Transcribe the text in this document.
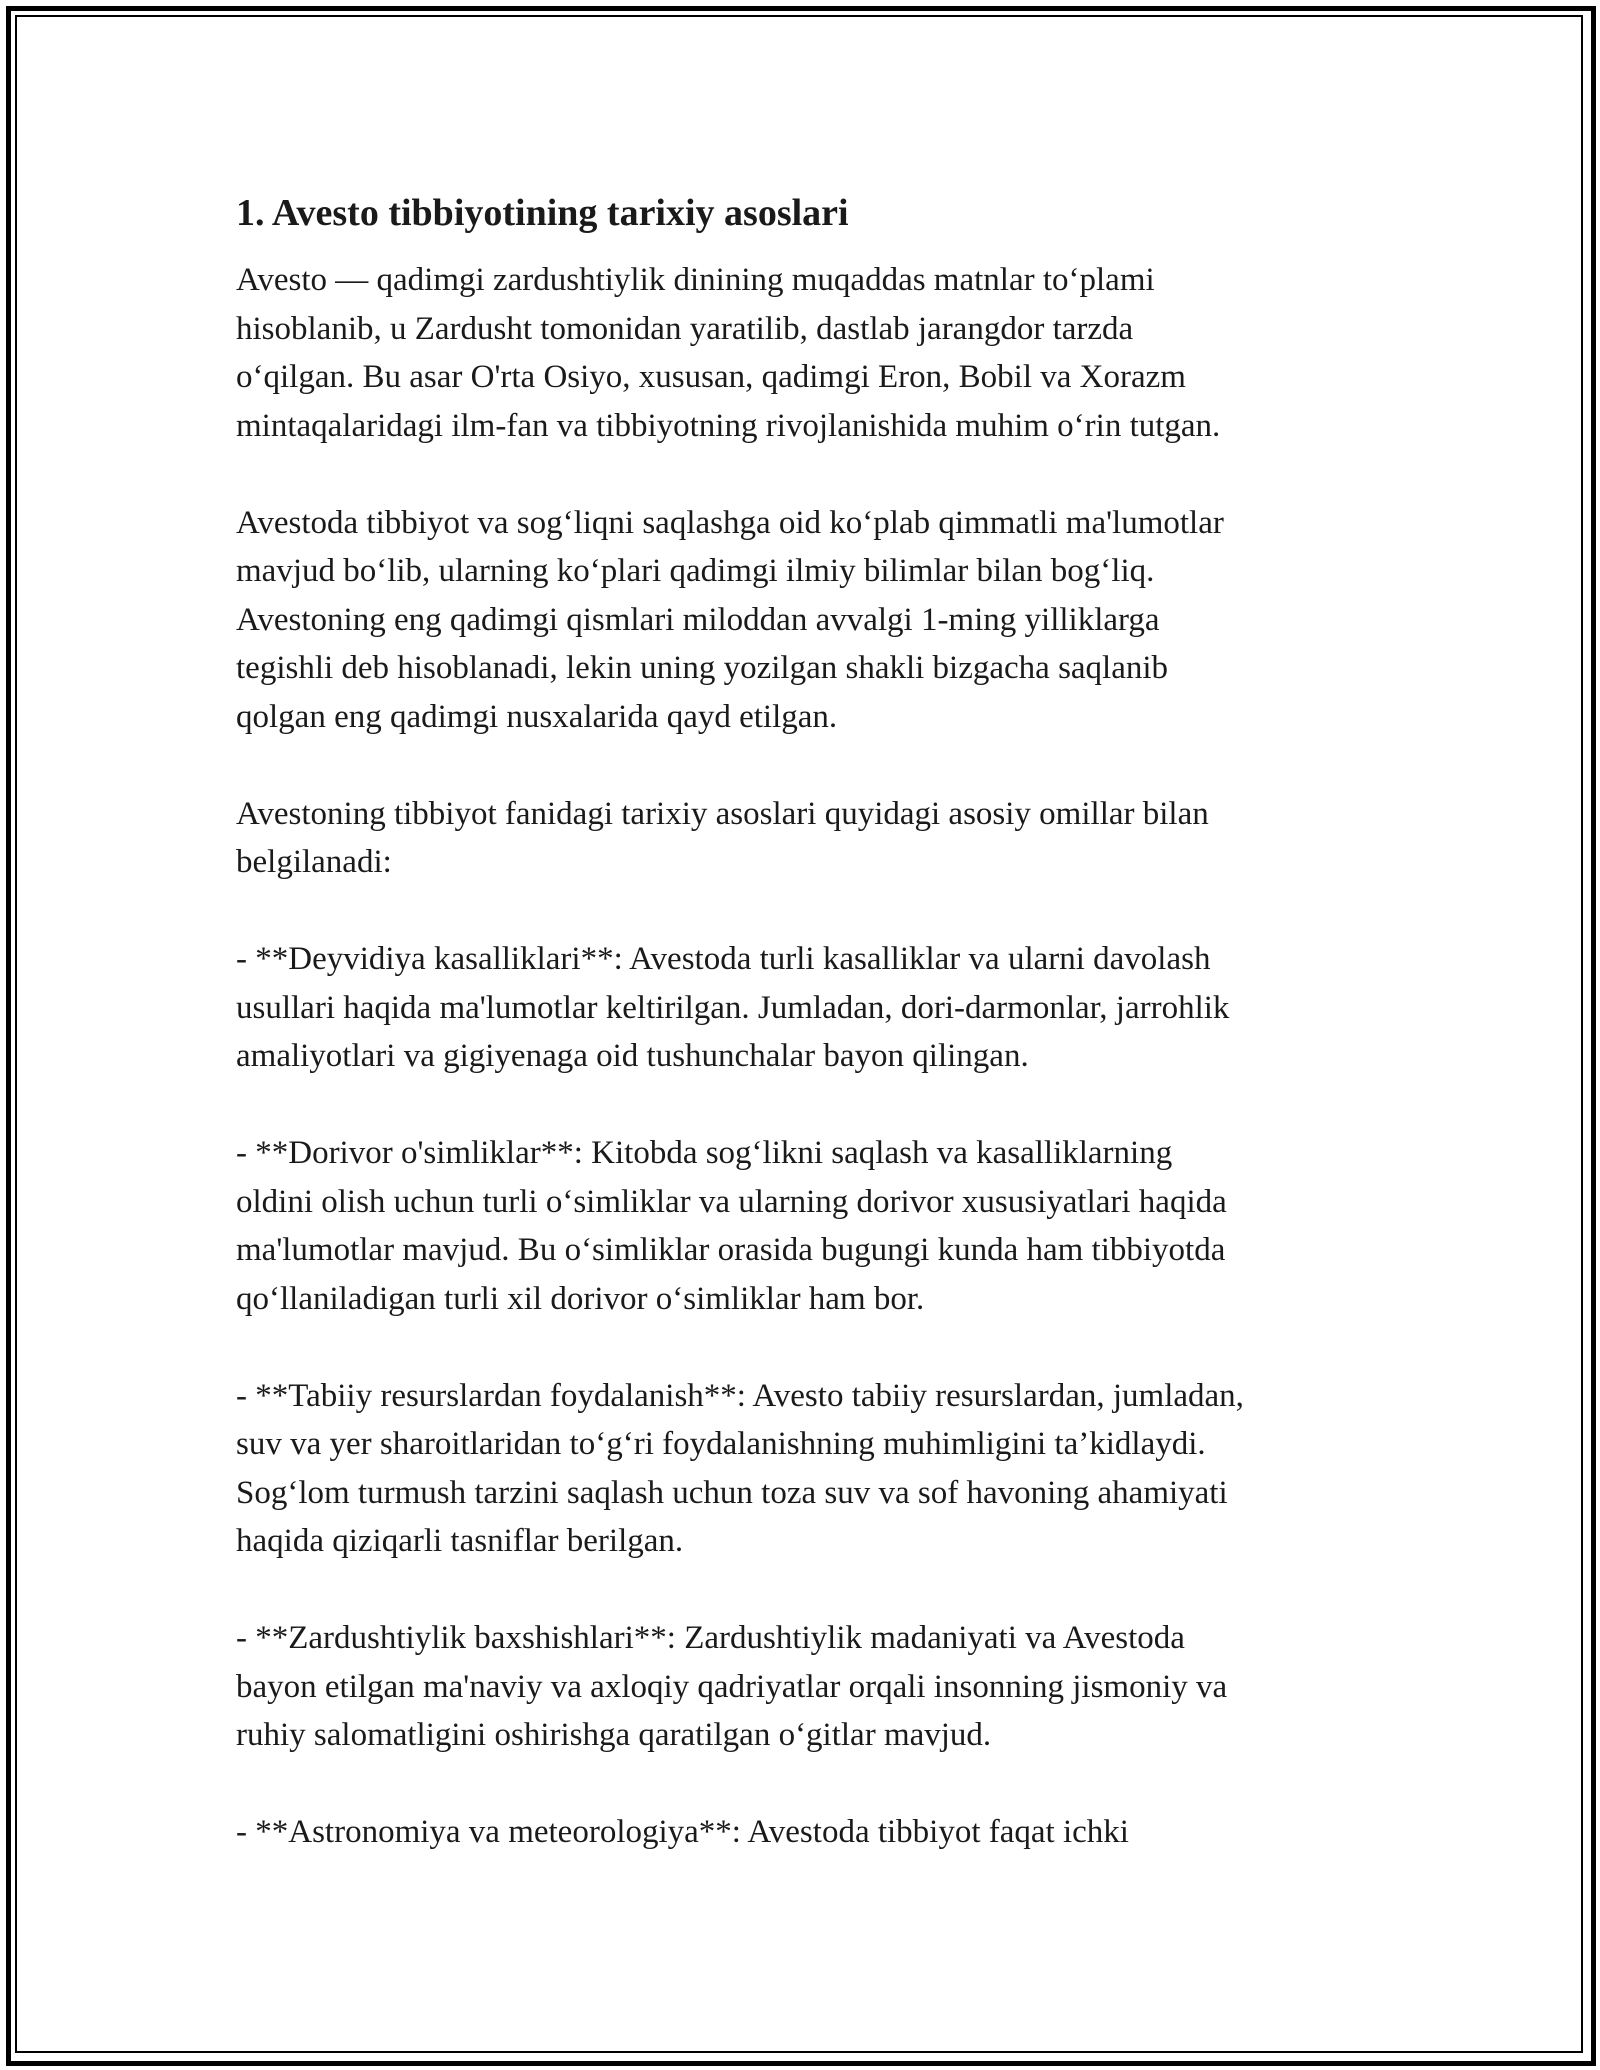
1. Avesto tibbiyotining tarixiy asoslari

Avesto — qadimgi zardushtiylik dinining muqaddas matnlar to‘plami
hisoblanib, u Zardusht tomonidan yaratilib, dastlab jarangdor tarzda
o‘qilgan. Bu asar O'rta Osiyo, xususan, qadimgi Eron, Bobil va Xorazm
mintaqalaridagi ilm-fan va tibbiyotning rivojlanishida muhim o‘rin tutgan.

Avestoda tibbiyot va sog‘liqni saqlashga oid ko‘plab qimmatli ma'lumotlar
mavjud bo‘lib, ularning ko‘plari qadimgi ilmiy bilimlar bilan bog‘liq.
Avestoning eng qadimgi qismlari miloddan avvalgi 1-ming yilliklarga
tegishli deb hisoblanadi, lekin uning yozilgan shakli bizgacha saqlanib
qolgan eng qadimgi nusxalarida qayd etilgan.

Avestoning tibbiyot fanidagi tarixiy asoslari quyidagi asosiy omillar bilan
belgilanadi:

- **Deyvidiya kasalliklari**: Avestoda turli kasalliklar va ularni davolash
usullari haqida ma'lumotlar keltirilgan. Jumladan, dori-darmonlar, jarrohlik
amaliyotlari va gigiyenaga oid tushunchalar bayon qilingan.

- **Dorivor o'simliklar**: Kitobda sog‘likni saqlash va kasalliklarning
oldini olish uchun turli o‘simliklar va ularning dorivor xususiyatlari haqida
ma'lumotlar mavjud. Bu o‘simliklar orasida bugungi kunda ham tibbiyotda
qo‘llaniladigan turli xil dorivor o‘simliklar ham bor.

- **Tabiiy resurslardan foydalanish**: Avesto tabiiy resurslardan, jumladan,
suv va yer sharoitlaridan to‘g‘ri foydalanishning muhimligini ta’kidlaydi.
Sog‘lom turmush tarzini saqlash uchun toza suv va sof havoning ahamiyati
haqida qiziqarli tasniflar berilgan.

- **Zardushtiylik baxshishlari**: Zardushtiylik madaniyati va Avestoda
bayon etilgan ma'naviy va axloqiy qadriyatlar orqali insonning jismoniy va
ruhiy salomatligini oshirishga qaratilgan o‘gitlar mavjud.

- **Astronomiya va meteorologiya**: Avestoda tibbiyot faqat ichki
